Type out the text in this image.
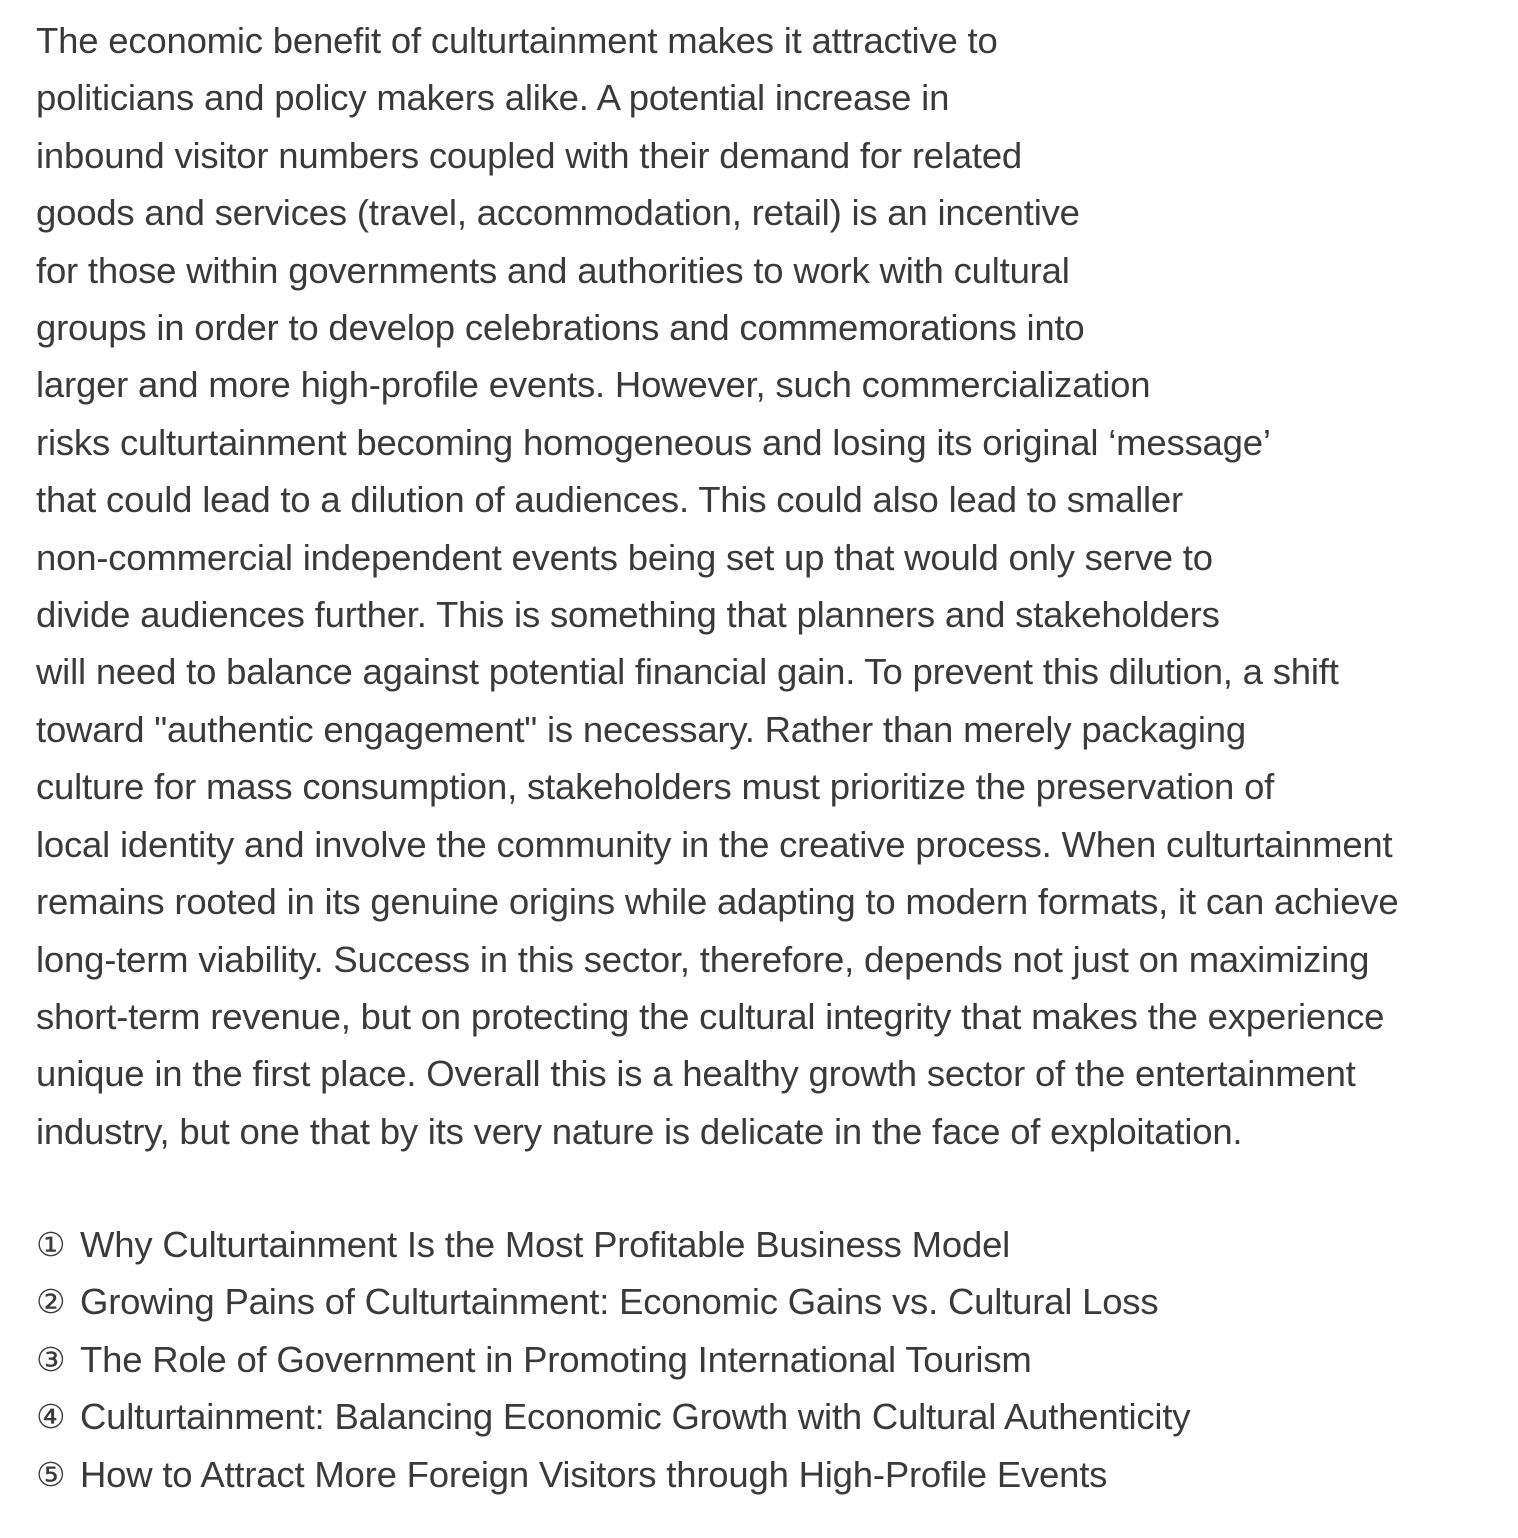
The economic benefit of culturtainment makes it attractive to
politicians and policy makers alike. A potential increase in
inbound visitor numbers coupled with their demand for related
goods and services (travel, accommodation, retail) is an incentive
for those within governments and authorities to work with cultural
groups in order to develop celebrations and commemorations into
larger and more high-profile events. However, such commercialization
risks culturtainment becoming homogeneous and losing its original ‘message’
that could lead to a dilution of audiences. This could also lead to smaller
non-commercial independent events being set up that would only serve to
divide audiences further. This is something that planners and stakeholders
will need to balance against potential financial gain. To prevent this dilution, a shift
toward "authentic engagement" is necessary. Rather than merely packaging
culture for mass consumption, stakeholders must prioritize the preservation of
local identity and involve the community in the creative process. When culturtainment
remains rooted in its genuine origins while adapting to modern formats, it can achieve
long-term viability. Success in this sector, therefore, depends not just on maximizing
short-term revenue, but on protecting the cultural integrity that makes the experience
unique in the first place. Overall this is a healthy growth sector of the entertainment
industry, but one that by its very nature is delicate in the face of exploitation.
① Why Culturtainment Is the Most Profitable Business Model
② Growing Pains of Culturtainment: Economic Gains vs. Cultural Loss
③ The Role of Government in Promoting International Tourism
④ Culturtainment: Balancing Economic Growth with Cultural Authenticity
⑤ How to Attract More Foreign Visitors through High-Profile Events
